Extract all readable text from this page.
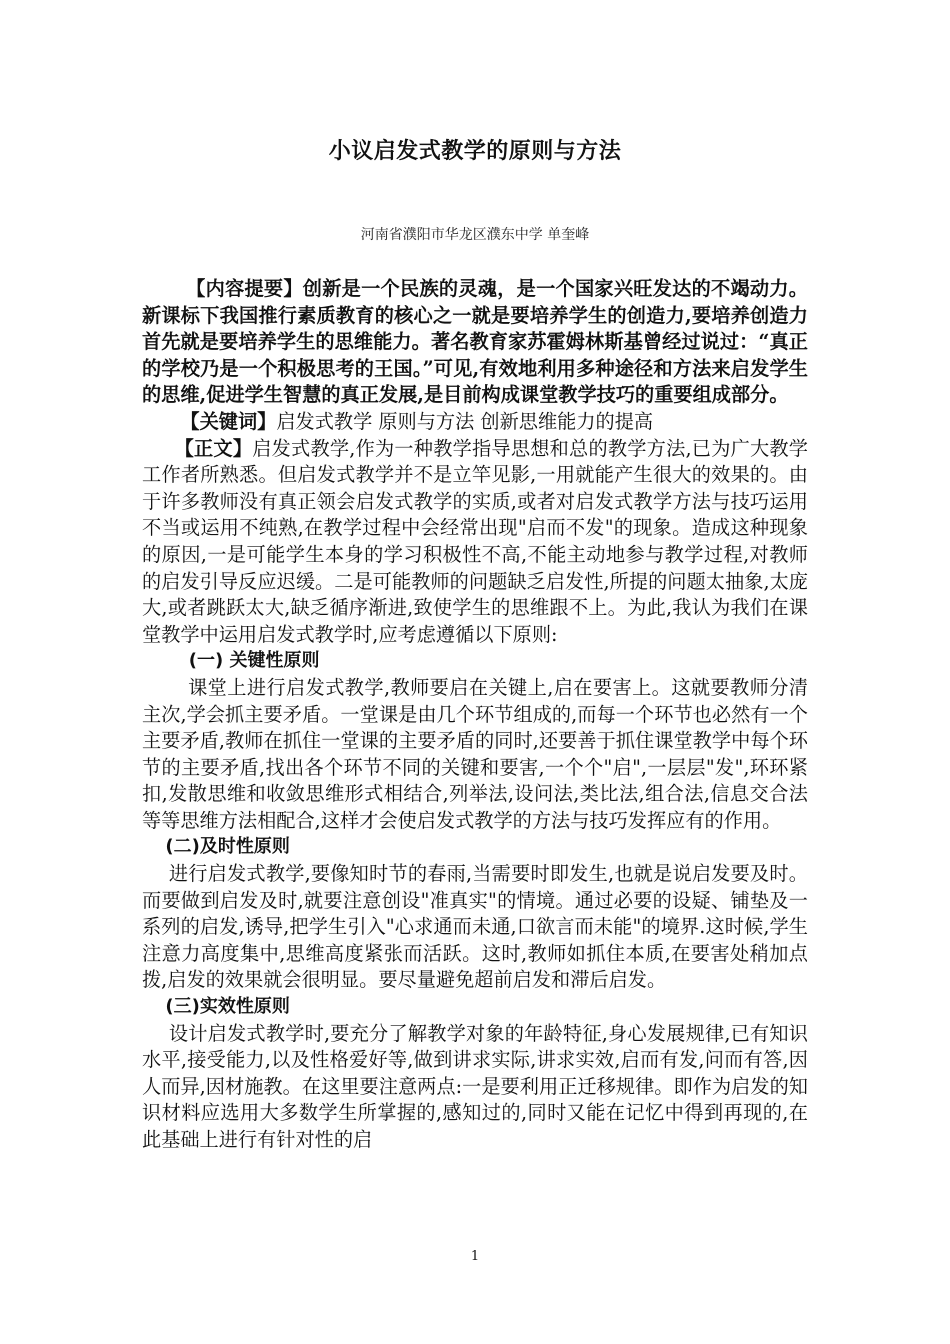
小议启发式教学的原则与方法
河南省濮阳市华龙区濮东中学 单奎峰

【内容提要】创新是一个民族的灵魂，是一个国家兴旺发达的不竭动力。新课标下我国推行素质教育的核心之一就是要培养学生的创造力,要培养创造力首先就是要培养学生的思维能力。著名教育家苏霍姆林斯基曾经过说过：“真正的学校乃是一个积极思考的王国。”可见,有效地利用多种途径和方法来启发学生的思维,促进学生智慧的真正发展,是目前构成课堂教学技巧的重要组成部分。

【关键词】启发式教学 原则与方法 创新思维能力的提高

【正文】启发式教学,作为一种教学指导思想和总的教学方法,已为广大教学工作者所熟悉。但启发式教学并不是立竿见影,一用就能产生很大的效果的。由于许多教师没有真正领会启发式教学的实质,或者对启发式教学方法与技巧运用不当或运用不纯熟,在教学过程中会经常出现"启而不发"的现象。造成这种现象的原因,一是可能学生本身的学习积极性不高,不能主动地参与教学过程,对教师的启发引导反应迟缓。二是可能教师的问题缺乏启发性,所提的问题太抽象,太庞大,或者跳跃太大,缺乏循序渐进,致使学生的思维跟不上。为此,我认为我们在课堂教学中运用启发式教学时,应考虑遵循以下原则:

(一) 关键性原则

课堂上进行启发式教学,教师要启在关键上,启在要害上。这就要教师分清主次,学会抓主要矛盾。一堂课是由几个环节组成的,而每一个环节也必然有一个主要矛盾,教师在抓住一堂课的主要矛盾的同时,还要善于抓住课堂教学中每个环节的主要矛盾,找出各个环节不同的关键和要害,一个个"启",一层层"发",环环紧扣,发散思维和收敛思维形式相结合,列举法,设问法,类比法,组合法,信息交合法等等思维方法相配合,这样才会使启发式教学的方法与技巧发挥应有的作用。

(二)及时性原则

进行启发式教学,要像知时节的春雨,当需要时即发生,也就是说启发要及时。而要做到启发及时,就要注意创设"准真实"的情境。通过必要的设疑、铺垫及一系列的启发,诱导,把学生引入"心求通而未通,口欲言而未能"的境界.这时候,学生注意力高度集中,思维高度紧张而活跃。这时,教师如抓住本质,在要害处稍加点拨,启发的效果就会很明显。要尽量避免超前启发和滞后启发。

(三)实效性原则

设计启发式教学时,要充分了解教学对象的年龄特征,身心发展规律,已有知识水平,接受能力,以及性格爱好等,做到讲求实际,讲求实效,启而有发,问而有答,因人而异,因材施教。在这里要注意两点:一是要利用正迁移规律。即作为启发的知识材料应选用大多数学生所掌握的,感知过的,同时又能在记忆中得到再现的,在此基础上进行有针对性的启

1
